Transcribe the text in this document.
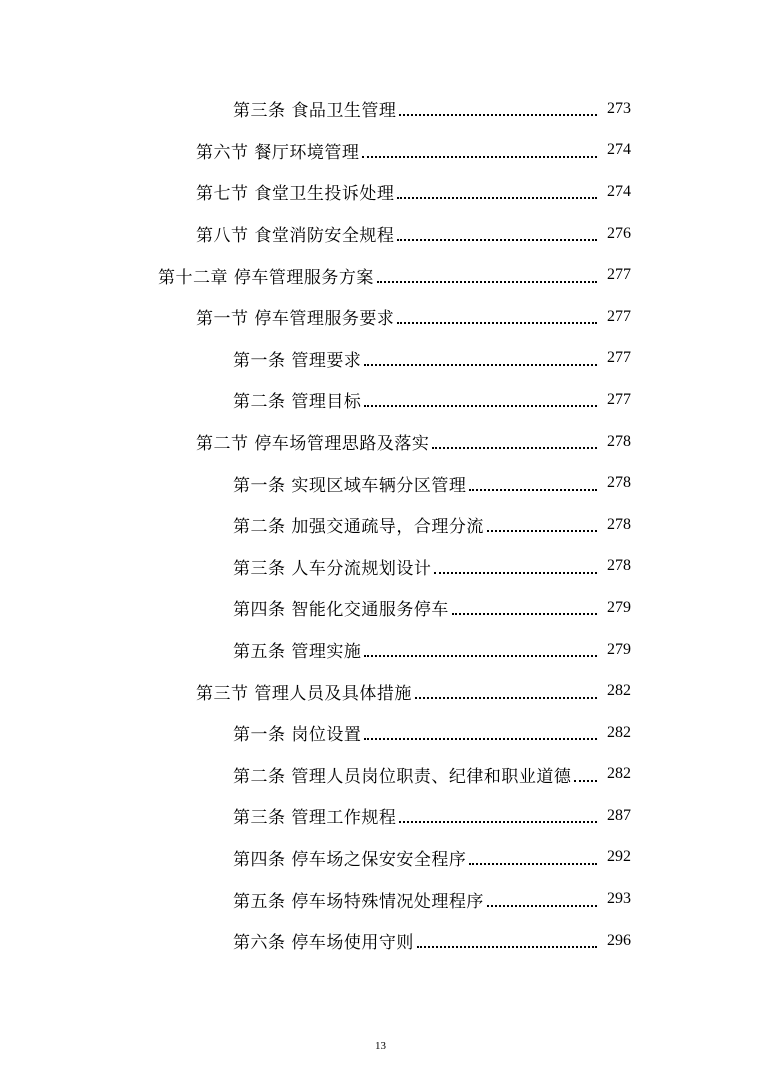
第三条 食品卫生管理	273
第六节 餐厅环境管理	274
第七节 食堂卫生投诉处理	274
第八节 食堂消防安全规程	276
第十二章 停车管理服务方案	277
第一节 停车管理服务要求	277
第一条 管理要求	277
第二条 管理目标	277
第二节 停车场管理思路及落实	278
第一条 实现区域车辆分区管理	278
第二条 加强交通疏导，合理分流	278
第三条 人车分流规划设计	278
第四条 智能化交通服务停车	279
第五条 管理实施	279
第三节 管理人员及具体措施	282
第一条 岗位设置	282
第二条 管理人员岗位职责、纪律和职业道德	282
第三条 管理工作规程	287
第四条 停车场之保安安全程序	292
第五条 停车场特殊情况处理程序	293
第六条 停车场使用守则	296
13
